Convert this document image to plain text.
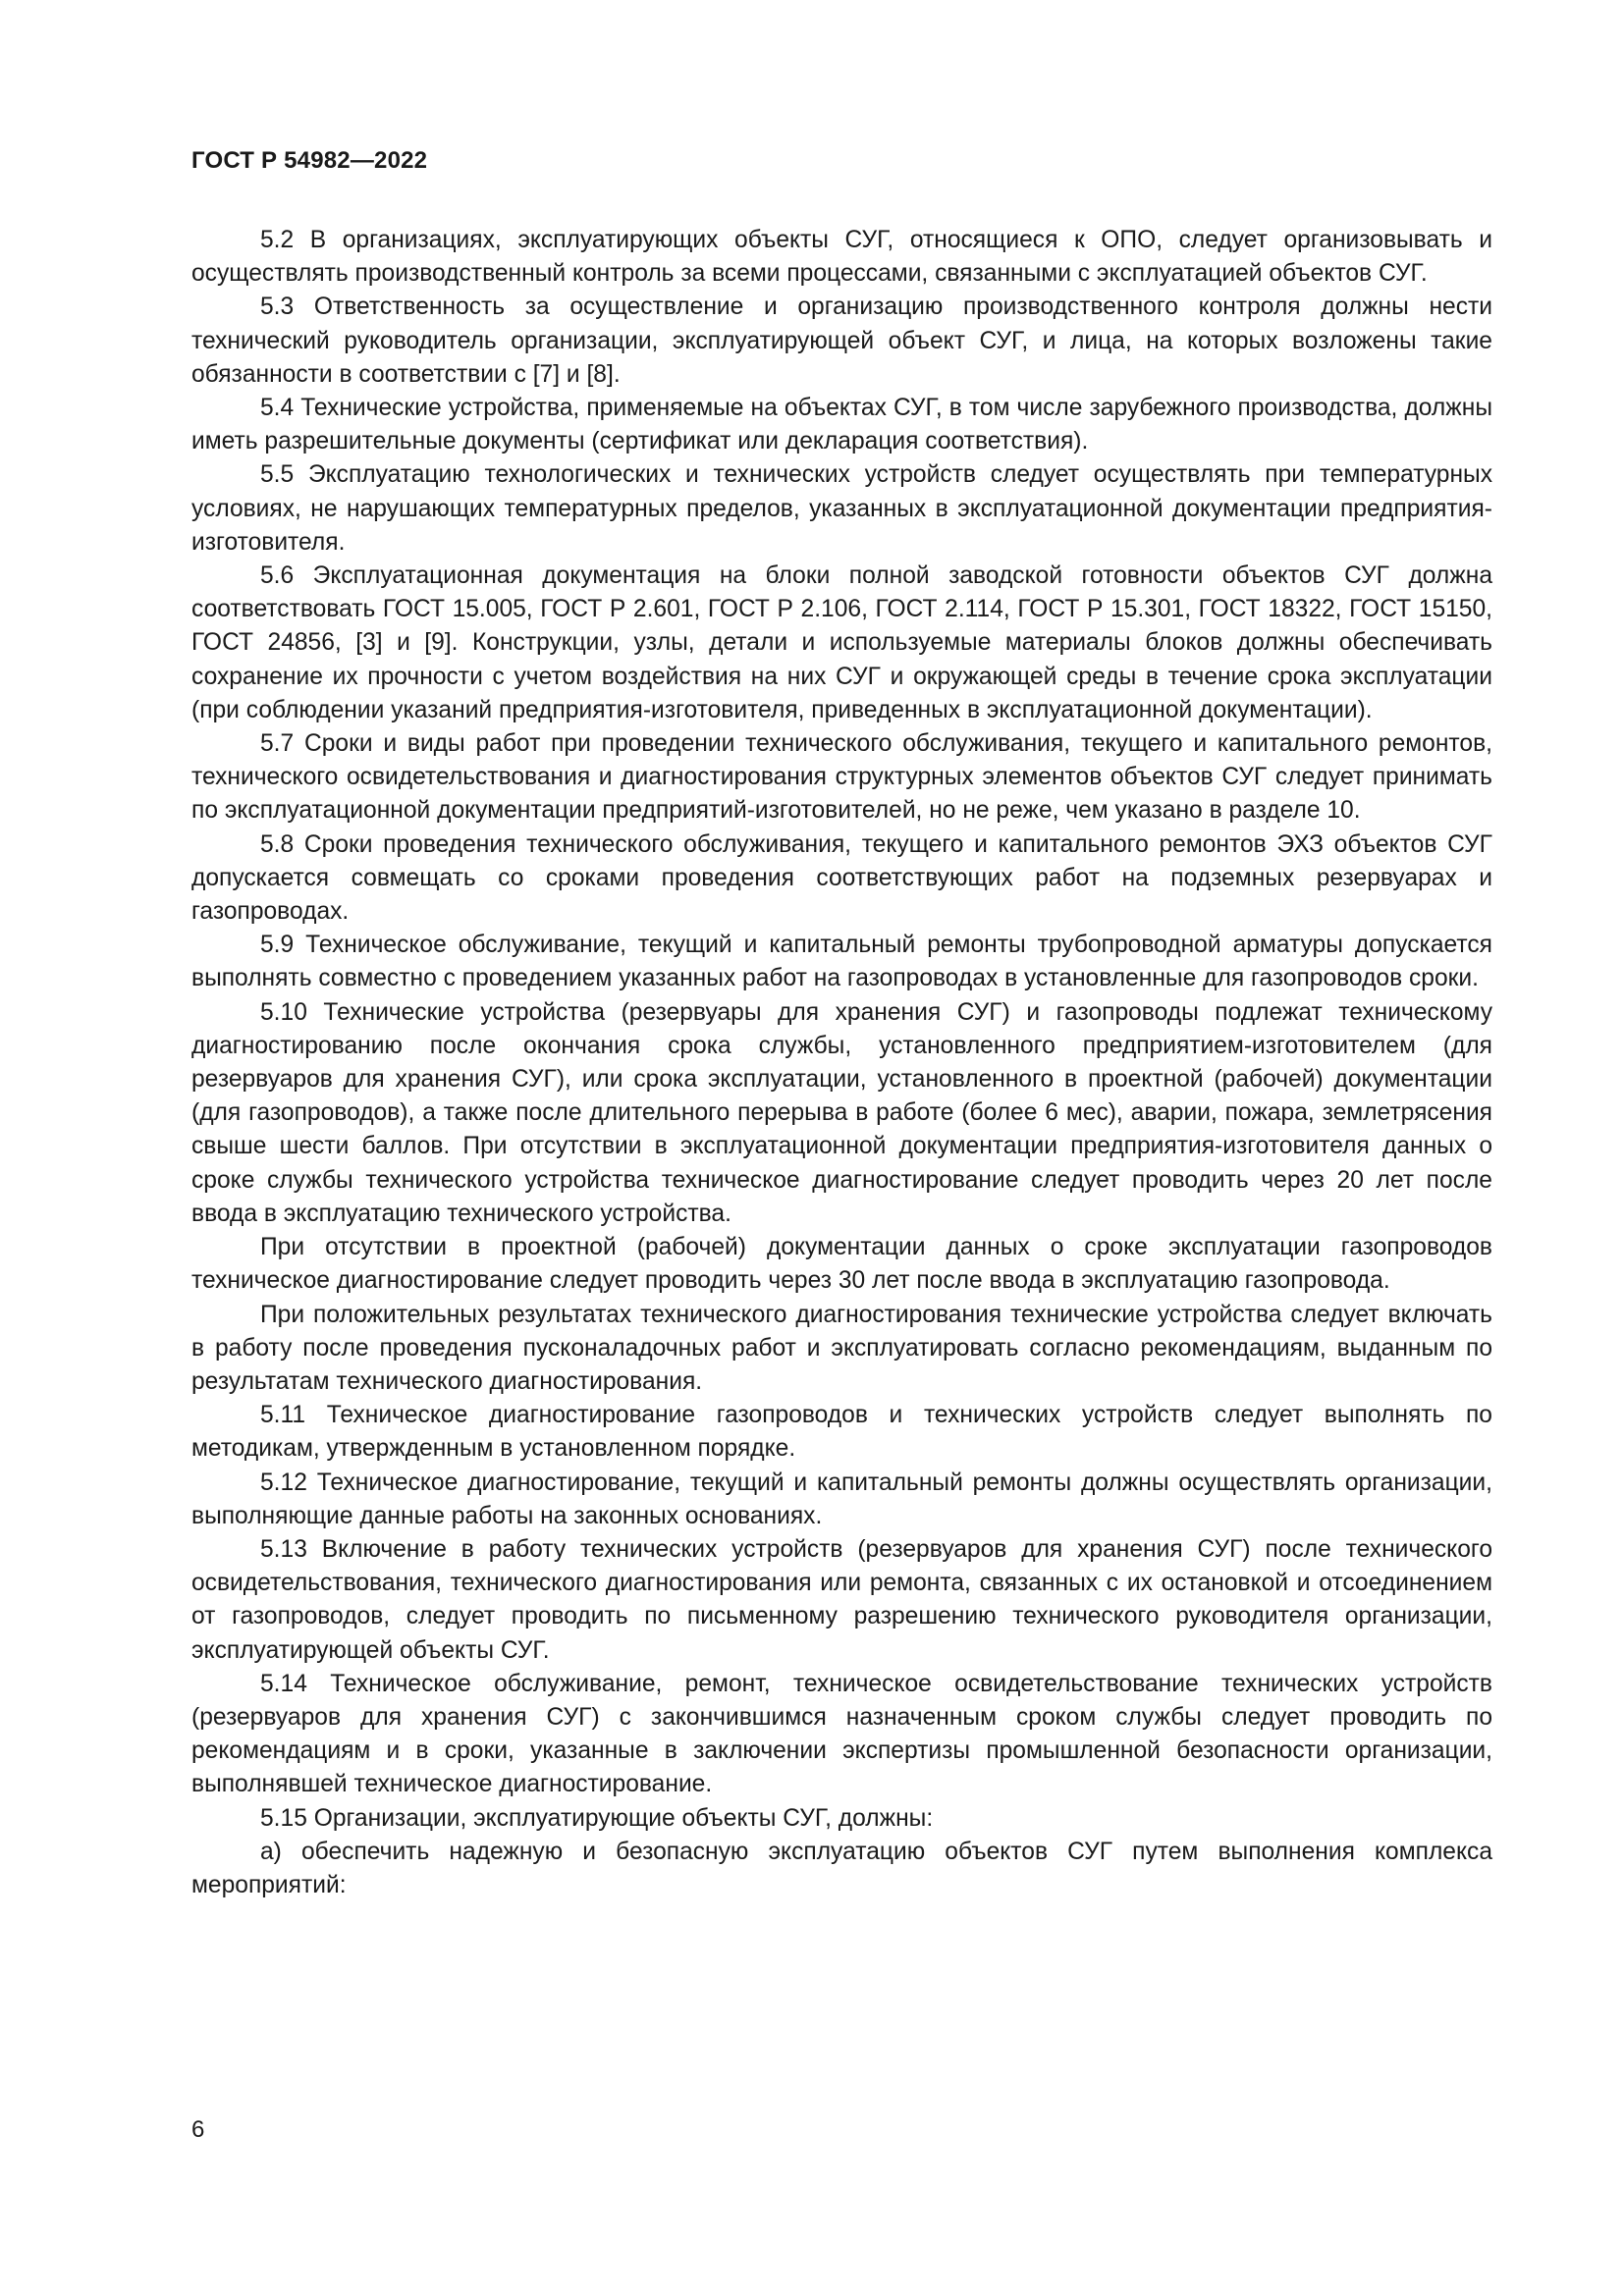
ГОСТ Р 54982—2022

5.2 В организациях, эксплуатирующих объекты СУГ, относящиеся к ОПО, следует организовывать и осуществлять производственный контроль за всеми процессами, связанными с эксплуатацией объектов СУГ.

5.3 Ответственность за осуществление и организацию производственного контроля должны нести технический руководитель организации, эксплуатирующей объект СУГ, и лица, на которых возложены такие обязанности в соответствии с [7] и [8].

5.4 Технические устройства, применяемые на объектах СУГ, в том числе зарубежного производства, должны иметь разрешительные документы (сертификат или декларация соответствия).

5.5 Эксплуатацию технологических и технических устройств следует осуществлять при температурных условиях, не нарушающих температурных пределов, указанных в эксплуатационной документации предприятия-изготовителя.

5.6 Эксплуатационная документация на блоки полной заводской готовности объектов СУГ должна соответствовать ГОСТ 15.005, ГОСТ Р 2.601, ГОСТ Р 2.106, ГОСТ 2.114, ГОСТ Р 15.301, ГОСТ 18322, ГОСТ 15150, ГОСТ 24856, [3] и [9]. Конструкции, узлы, детали и используемые материалы блоков должны обеспечивать сохранение их прочности с учетом воздействия на них СУГ и окружающей среды в течение срока эксплуатации (при соблюдении указаний предприятия-изготовителя, приведенных в эксплуатационной документации).

5.7 Сроки и виды работ при проведении технического обслуживания, текущего и капитального ремонтов, технического освидетельствования и диагностирования структурных элементов объектов СУГ следует принимать по эксплуатационной документации предприятий-изготовителей, но не реже, чем указано в разделе 10.

5.8 Сроки проведения технического обслуживания, текущего и капитального ремонтов ЭХЗ объектов СУГ допускается совмещать со сроками проведения соответствующих работ на подземных резервуарах и газопроводах.

5.9 Техническое обслуживание, текущий и капитальный ремонты трубопроводной арматуры допускается выполнять совместно с проведением указанных работ на газопроводах в установленные для газопроводов сроки.

5.10 Технические устройства (резервуары для хранения СУГ) и газопроводы подлежат техническому диагностированию после окончания срока службы, установленного предприятием-изготовителем (для резервуаров для хранения СУГ), или срока эксплуатации, установленного в проектной (рабочей) документации (для газопроводов), а также после длительного перерыва в работе (более 6 мес), аварии, пожара, землетрясения свыше шести баллов. При отсутствии в эксплуатационной документации предприятия-изготовителя данных о сроке службы технического устройства техническое диагностирование следует проводить через 20 лет после ввода в эксплуатацию технического устройства.

При отсутствии в проектной (рабочей) документации данных о сроке эксплуатации газопроводов техническое диагностирование следует проводить через 30 лет после ввода в эксплуатацию газопровода.

При положительных результатах технического диагностирования технические устройства следует включать в работу после проведения пусконаладочных работ и эксплуатировать согласно рекомендациям, выданным по результатам технического диагностирования.

5.11 Техническое диагностирование газопроводов и технических устройств следует выполнять по методикам, утвержденным в установленном порядке.

5.12 Техническое диагностирование, текущий и капитальный ремонты должны осуществлять организации, выполняющие данные работы на законных основаниях.

5.13 Включение в работу технических устройств (резервуаров для хранения СУГ) после технического освидетельствования, технического диагностирования или ремонта, связанных с их остановкой и отсоединением от газопроводов, следует проводить по письменному разрешению технического руководителя организации, эксплуатирующей объекты СУГ.

5.14 Техническое обслуживание, ремонт, техническое освидетельствование технических устройств (резервуаров для хранения СУГ) с закончившимся назначенным сроком службы следует проводить по рекомендациям и в сроки, указанные в заключении экспертизы промышленной безопасности организации, выполнявшей техническое диагностирование.

5.15 Организации, эксплуатирующие объекты СУГ, должны:

а) обеспечить надежную и безопасную эксплуатацию объектов СУГ путем выполнения комплекса мероприятий:

6
